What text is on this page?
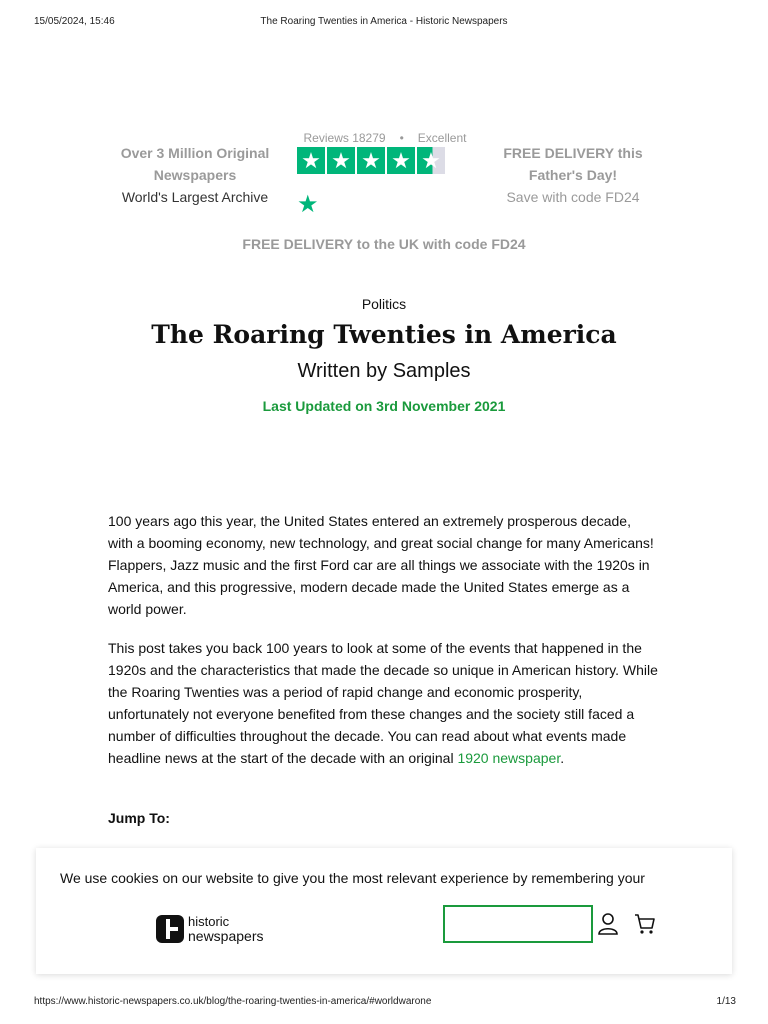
15/05/2024, 15:46	The Roaring Twenties in America - Historic Newspapers
Over 3 Million Original
Newspapers
World's Largest Archive
Reviews 18279 • Excellent
★ ★ ★ ★ ★
★
FREE DELIVERY this
Father's Day!
Save with code FD24
FREE DELIVERY to the UK with code FD24
Politics
The Roaring Twenties in America
Written by Samples
Last Updated on 3rd November 2021

100 years ago this year, the United States entered an extremely prosperous decade, with a booming economy, new technology, and great social change for many Americans! Flappers, Jazz music and the first Ford car are all things we associate with the 1920s in America, and this progressive, modern decade made the United States emerge as a world power.

This post takes you back 100 years to look at some of the events that happened in the 1920s and the characteristics that made the decade so unique in American history. While the Roaring Twenties was a period of rapid change and economic prosperity, unfortunately not everyone benefited from these changes and the society still faced a number of difficulties throughout the decade. You can read about what events made headline news at the start of the decade with an original 1920 newspaper.

Jump To:
We use cookies on our website to give you the most relevant experience by remembering your
historic
newspapers
https://www.historic-newspapers.co.uk/blog/the-roaring-twenties-in-america/#worldwarone	1/13
